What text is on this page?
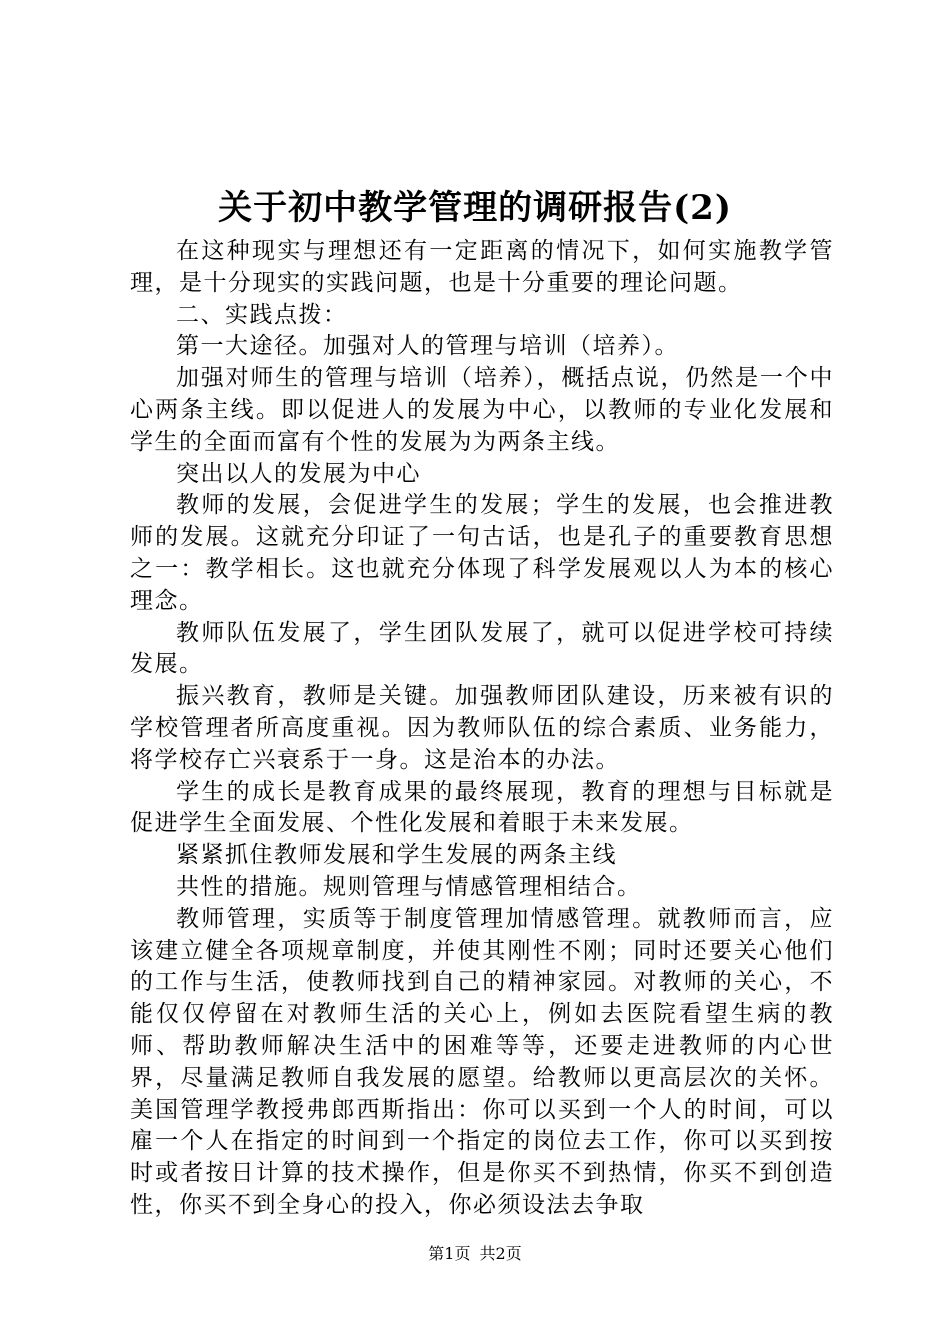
关于初中教学管理的调研报告(2)

在这种现实与理想还有一定距离的情况下，如何实施教学管理，是十分现实的实践问题，也是十分重要的理论问题。

二、实践点拨：

第一大途径。加强对人的管理与培训（培养）。

加强对师生的管理与培训（培养），概括点说，仍然是一个中心两条主线。即以促进人的发展为中心，以教师的专业化发展和学生的全面而富有个性的发展为为两条主线。

突出以人的发展为中心

教师的发展，会促进学生的发展；学生的发展，也会推进教师的发展。这就充分印证了一句古话，也是孔子的重要教育思想之一：教学相长。这也就充分体现了科学发展观以人为本的核心理念。

教师队伍发展了，学生团队发展了，就可以促进学校可持续发展。

振兴教育，教师是关键。加强教师团队建设，历来被有识的学校管理者所高度重视。因为教师队伍的综合素质、业务能力，将学校存亡兴衰系于一身。这是治本的办法。

学生的成长是教育成果的最终展现，教育的理想与目标就是促进学生全面发展、个性化发展和着眼于未来发展。

紧紧抓住教师发展和学生发展的两条主线

共性的措施。规则管理与情感管理相结合。

教师管理，实质等于制度管理加情感管理。就教师而言，应该建立健全各项规章制度，并使其刚性不刚；同时还要关心他们的工作与生活，使教师找到自己的精神家园。对教师的关心，不能仅仅停留在对教师生活的关心上，例如去医院看望生病的教师、帮助教师解决生活中的困难等等，还要走进教师的内心世界，尽量满足教师自我发展的愿望。给教师以更高层次的关怀。美国管理学教授弗郎西斯指出：你可以买到一个人的时间，可以雇一个人在指定的时间到一个指定的岗位去工作，你可以买到按时或者按日计算的技术操作，但是你买不到热情，你买不到创造性，你买不到全身心的投入，你必须设法去争取

第1页 共2页
